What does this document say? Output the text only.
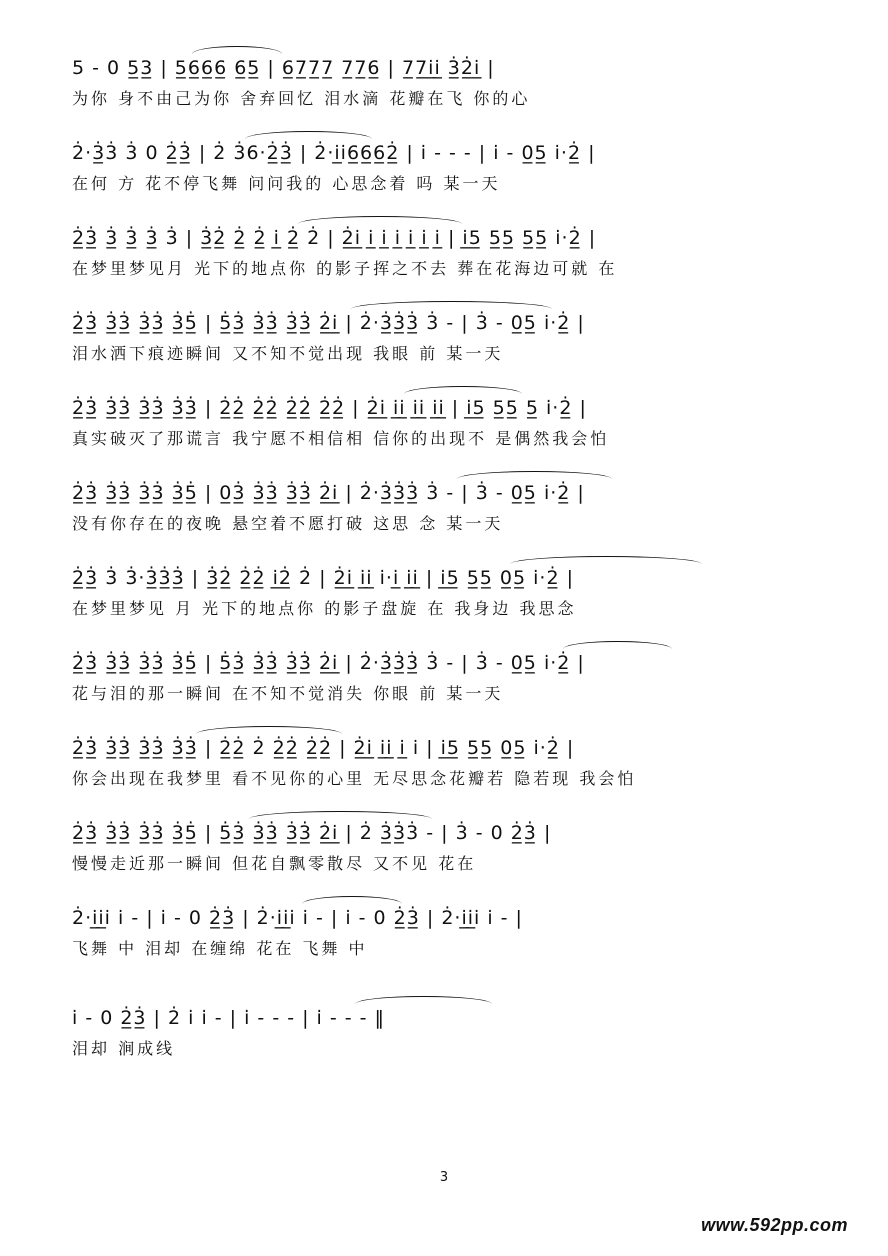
5 - 0 5̲3̲ | 5̲6̲6̲6̲ 6̲5̲ | 6̲7̲7̲7̲ 7̲7̲6̲ | 7̲7̲i̲̇i̲̇ 3̲̇2̲̇i̲̇ |
为你 身不由己为你 舍弃回忆 泪水滴 花瓣在飞 你的心
2̇·3̲̇3̇ 3̇ 0 2̲̇3̲̇ | 2̇ 3̇6·2̲̇3̲̇ | 2̇·i̲̇i̇6̲6̲6̲2̲̇ | i̇ - - - | i̇ - 0̲5̲ i̇·2̲̇ |
在何 方 花不停飞舞 问问我的 心思念着 吗 某一天
2̲̇3̲̇ 3̲̇ 3̲̇ 3̲̇ 3̇ | 3̲̇2̲̇ 2̲̇ 2̲̇ i̲̇ 2̲̇ 2̇ | 2̲̇i̲̇ i̲̇ i̲̇ i̲̇ i̲̇ i̲̇ i̲̇ | i̲̇5̲ 5̲5̲ 5̲5̲ i̇·2̲̇ |
在梦里梦见月 光下的地点你 的影子挥之不去 葬在花海边可就 在
2̲̇3̲̇ 3̲̇3̲̇ 3̲̇3̲̇ 3̲̇5̲̇ | 5̲̇3̲̇ 3̲̇3̲̇ 3̲̇3̲̇ 2̲̇i̲̇ | 2̇·3̲̇3̲̇3̲̇ 3̇ - | 3̇ - 0̲5̲ i̇·2̲̇ |
泪水洒下痕迹瞬间 又不知不觉出现 我眼 前 某一天
2̲̇3̲̇ 3̲̇3̲̇ 3̲̇3̲̇ 3̲̇3̲̇ | 2̲̇2̲̇ 2̲̇2̲̇ 2̲̇2̲̇ 2̲̇2̲̇ | 2̲̇i̲̇ i̲̇i̲̇ i̲̇i̲̇ i̲̇i̲̇ | i̲̇5̲ 5̲5̲ 5̲ i̇·2̲̇ |
真实破灭了那谎言 我宁愿不相信相 信你的出现不 是偶然我会怕
2̲̇3̲̇ 3̲̇3̲̇ 3̲̇3̲̇ 3̲̇5̲̇ | 0̲3̲̇ 3̲̇3̲̇ 3̲̇3̲̇ 2̲̇i̲̇ | 2̇·3̲̇3̲̇3̲̇ 3̇ - | 3̇ - 0̲5̲ i̇·2̲̇ |
没有你存在的夜晚 悬空着不愿打破 这思 念 某一天
2̲̇3̲̇ 3̇ 3̇·3̲̇3̲̇3̲̇ | 3̲̇2̲̇ 2̲̇2̲̇ i̲̇2̲̇ 2̇ | 2̲̇i̲̇ i̲̇i̲̇ i̇·i̲̇ i̲̇i̲̇ | i̲̇5̲ 5̲5̲ 0̲5̲ i̇·2̲̇ |
在梦里梦见 月 光下的地点你 的影子盘旋 在 我身边 我思念
2̲̇3̲̇ 3̲̇3̲̇ 3̲̇3̲̇ 3̲̇5̲̇ | 5̲̇3̲̇ 3̲̇3̲̇ 3̲̇3̲̇ 2̲̇i̲̇ | 2̇·3̲̇3̲̇3̲̇ 3̇ - | 3̇ - 0̲5̲ i̇·2̲̇ |
花与泪的那一瞬间 在不知不觉消失 你眼 前 某一天
2̲̇3̲̇ 3̲̇3̲̇ 3̲̇3̲̇ 3̲̇3̲̇ | 2̲̇2̲̇ 2̇ 2̲̇2̲̇ 2̲̇2̲̇ | 2̲̇i̲̇ i̲̇i̲̇ i̲̇ i̇ | i̲̇5̲ 5̲5̲ 0̲5̲ i̇·2̲̇ |
你会出现在我梦里 看不见你的心里 无尽思念花瓣若 隐若现 我会怕
2̲̇3̲̇ 3̲̇3̲̇ 3̲̇3̲̇ 3̲̇5̲̇ | 5̲̇3̲̇ 3̲̇3̲̇ 3̲̇3̲̇ 2̲̇i̲̇ | 2̇ 3̲̇3̲̇3̇ - | 3̇ - 0 2̲̇3̲̇ |
慢慢走近那一瞬间 但花自飘零散尽 又不见 花在
2̇·i̲̇i̲̇i̇ i̇ - | i̇ - 0 2̲̇3̲̇ | 2̇·i̲̇i̲̇i̇ i̇ - | i̇ - 0 2̲̇3̲̇ | 2̇·i̲̇i̲̇i̇ i̇ - |
飞舞 中 泪却 在缠绵 花在 飞舞 中
i̇ - 0 2̲̇3̲̇ | 2̇ i̇ i̇ - | i̇ - - - | i̇ - - - ‖
泪却 涧成线
3
www.592pp.com
